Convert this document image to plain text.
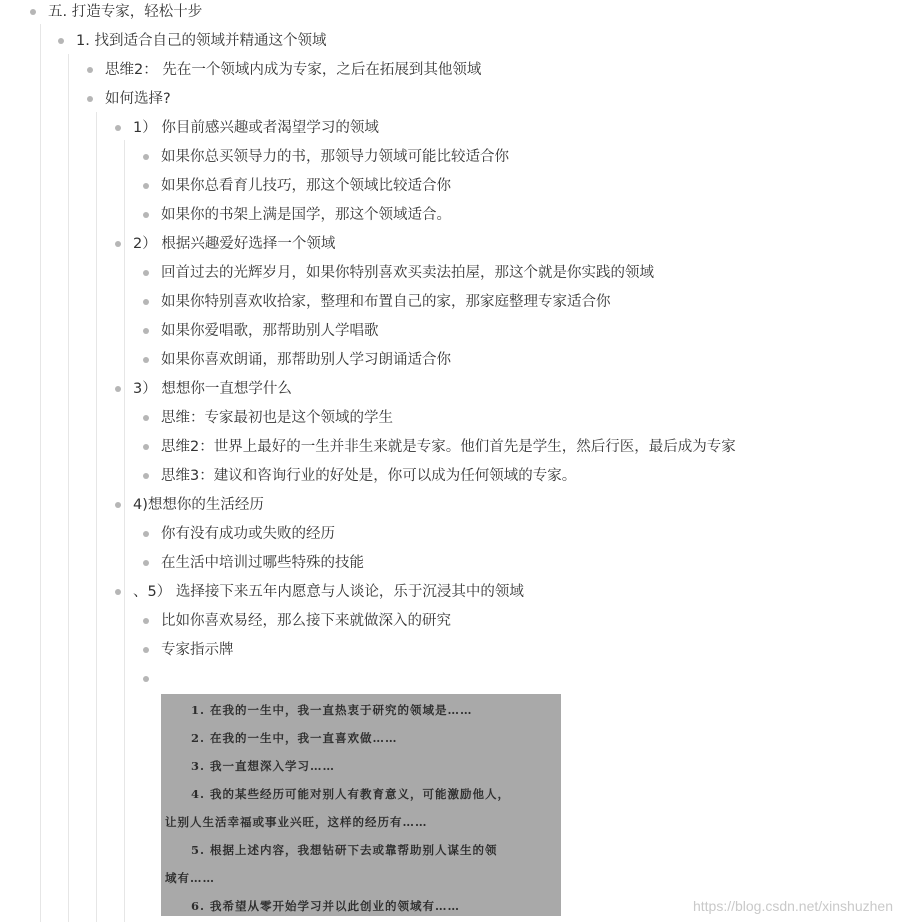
五. 打造专家，轻松十步
1. 找到适合自己的领域并精通这个领域
思维2： 先在一个领域内成为专家，之后在拓展到其他领域
如何选择?
1） 你目前感兴趣或者渴望学习的领域
如果你总买领导力的书，那领导力领域可能比较适合你
如果你总看育儿技巧，那这个领域比较适合你
如果你的书架上满是国学，那这个领域适合。
2） 根据兴趣爱好选择一个领域
回首过去的光辉岁月，如果你特别喜欢买卖法拍屋，那这个就是你实践的领域
如果你特别喜欢收拾家，整理和布置自己的家，那家庭整理专家适合你
如果你爱唱歌，那帮助别人学唱歌
如果你喜欢朗诵，那帮助别人学习朗诵适合你
3） 想想你一直想学什么
思维：专家最初也是这个领域的学生
思维2：世界上最好的一生并非生来就是专家。他们首先是学生，然后行医，最后成为专家
思维3：建议和咨询行业的好处是，你可以成为任何领域的专家。
4)想想你的生活经历
你有没有成功或失败的经历
在生活中培训过哪些特殊的技能
、5） 选择接下来五年内愿意与人谈论，乐于沉浸其中的领域
比如你喜欢易经，那么接下来就做深入的研究
专家指示牌
1. 在我的一生中，我一直热衷于研究的领域是……
2. 在我的一生中，我一直喜欢做……
3. 我一直想深入学习……
4. 我的某些经历可能对别人有教育意义，可能激励他人，
让别人生活幸福或事业兴旺，这样的经历有……
5. 根据上述内容，我想钻研下去或靠帮助别人谋生的领
域有……
6. 我希望从零开始学习并以此创业的领域有……	https://blog.csdn.net/xinshuzhen
